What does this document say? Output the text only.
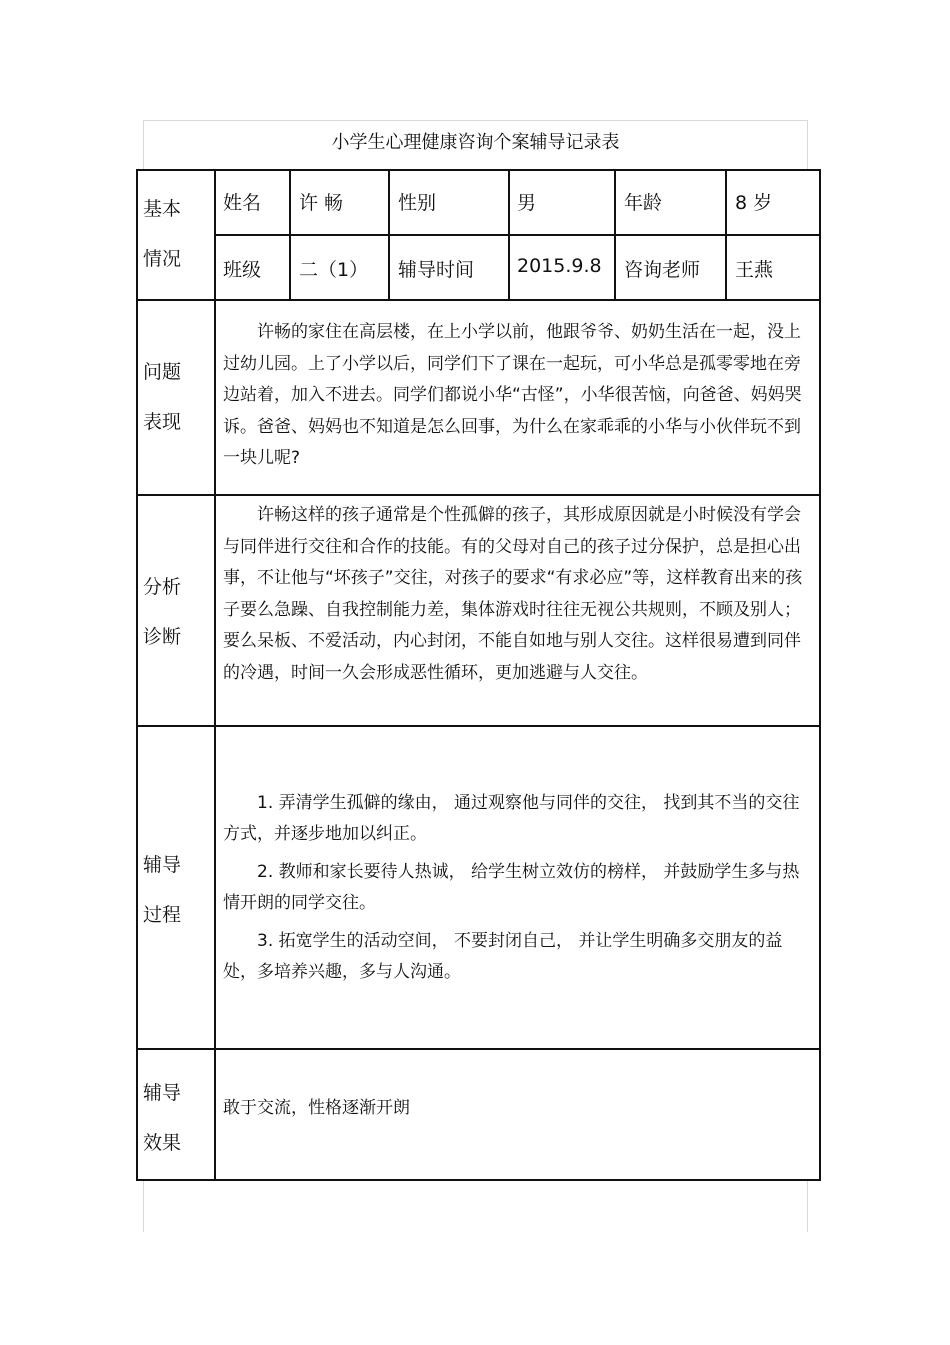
小学生心理健康咨询个案辅导记录表
基本
情况
姓名 许 畅	性别	男	年龄	8 岁
班级 二（1） 辅导时间 2015.9.8 咨询老师 王燕
问题
表现

许畅的家住在高层楼，在上小学以前，他跟爷爷、奶奶生活在一起，没上过幼儿园。上了小学以后，同学们下了课在一起玩，可小华总是孤零零地在旁边站着，加入不进去。同学们都说小华“古怪”，小华很苦恼，向爸爸、妈妈哭诉。爸爸、妈妈也不知道是怎么回事，为什么在家乖乖的小华与小伙伴玩不到一块儿呢?

分析
诊断

许畅这样的孩子通常是个性孤僻的孩子，其形成原因就是小时候没有学会与同伴进行交往和合作的技能。有的父母对自己的孩子过分保护，总是担心出事，不让他与“坏孩子”交往，对孩子的要求“有求必应”等，这样教育出来的孩子要么急躁、自我控制能力差，集体游戏时往往无视公共规则，不顾及别人；要么呆板、不爱活动，内心封闭，不能自如地与别人交往。这样很易遭到同伴的冷遇，时间一久会形成恶性循环，更加逃避与人交往。

辅导
过程

1. 弄清学生孤僻的缘由， 通过观察他与同伴的交往， 找到其不当的交往方式，并逐步地加以纠正。

2. 教师和家长要待人热诚， 给学生树立效仿的榜样， 并鼓励学生多与热情开朗的同学交往。

3. 拓宽学生的活动空间， 不要封闭自己， 并让学生明确多交朋友的益处，多培养兴趣，多与人沟通。

辅导
效果
敢于交流，性格逐渐开朗
